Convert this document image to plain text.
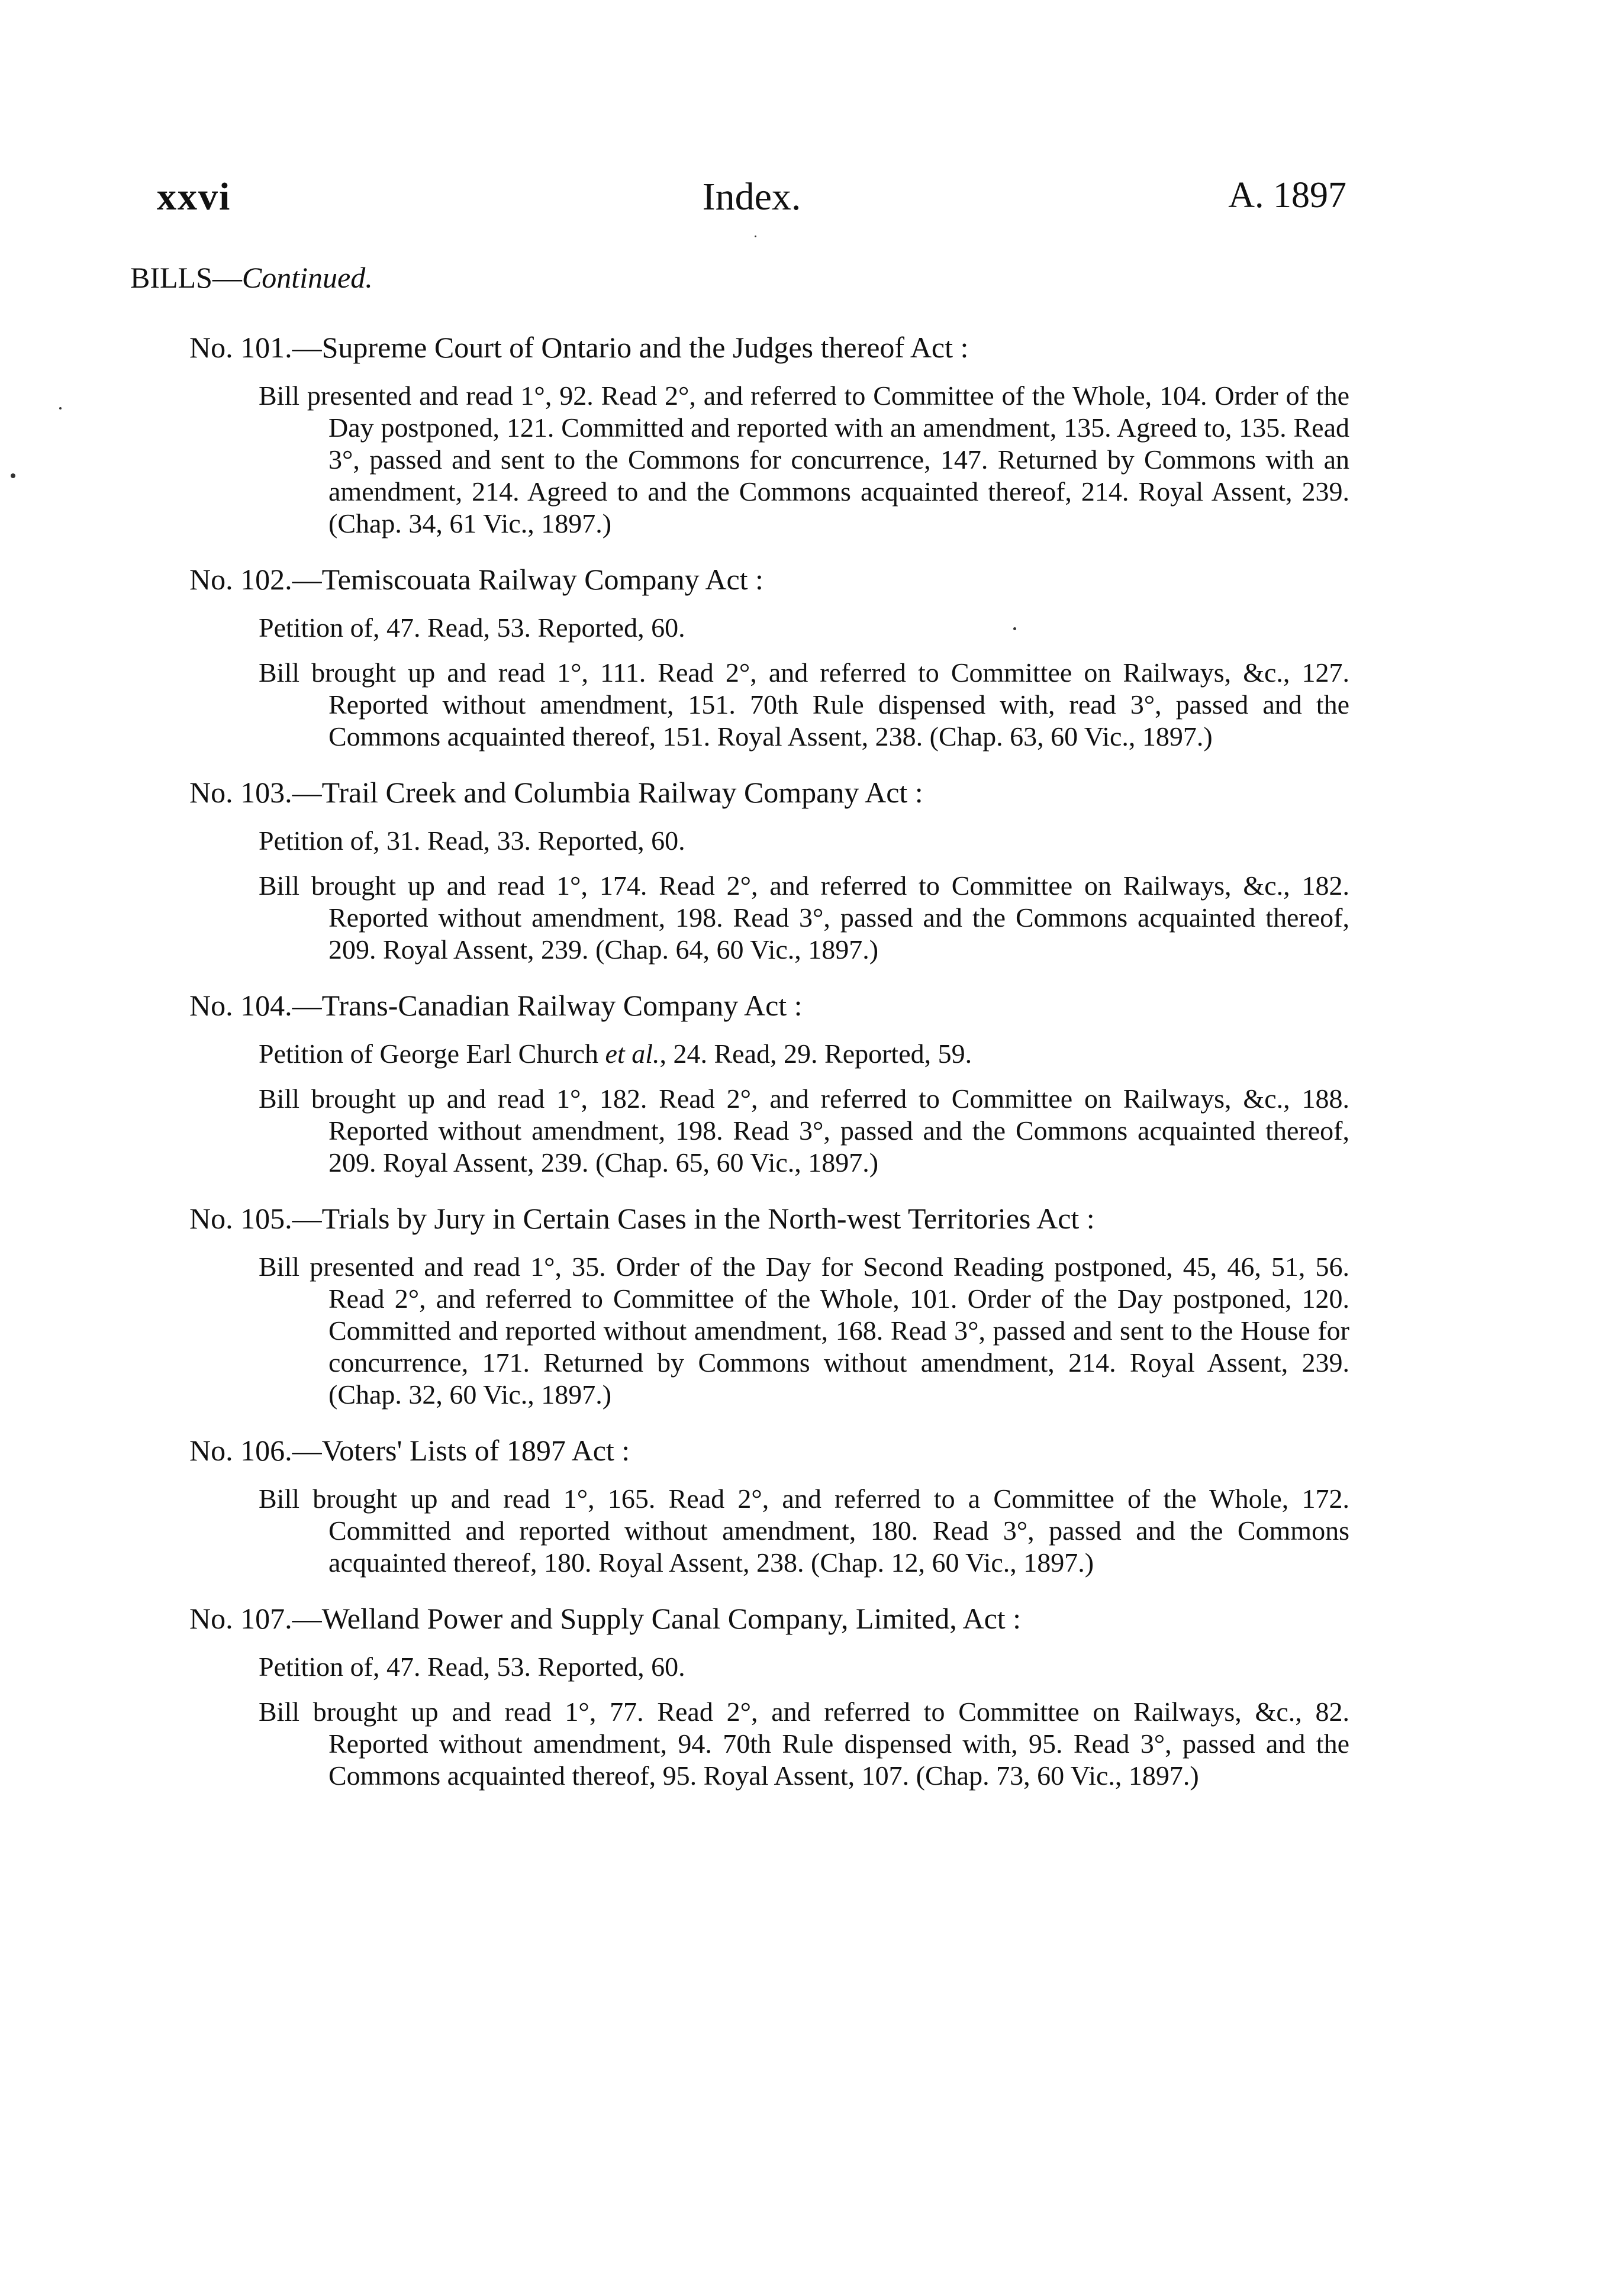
Index.
xxvi	A. 1897
BILLS—Continued.
No. 101.—Supreme Court of Ontario and the Judges thereof Act :
Bill presented and read 1°, 92. Read 2°, and referred to Committee of the Whole, 104. Order of the Day postponed, 121. Committed and reported with an amendment, 135. Agreed to, 135. Read 3°, passed and sent to the Commons for concurrence, 147. Returned by Commons with an amendment, 214. Agreed to and the Commons acquainted thereof, 214. Royal Assent, 239. (Chap. 34, 61 Vic., 1897.)
No. 102.—Temiscouata Railway Company Act :
Petition of, 47. Read, 53. Reported, 60.
Bill brought up and read 1°, 111. Read 2°, and referred to Committee on Railways, &c., 127. Reported without amendment, 151. 70th Rule dispensed with, read 3°, passed and the Commons acquainted thereof, 151. Royal Assent, 238. (Chap. 63, 60 Vic., 1897.)
No. 103.—Trail Creek and Columbia Railway Company Act :
Petition of, 31. Read, 33. Reported, 60.
Bill brought up and read 1°, 174. Read 2°, and referred to Committee on Railways, &c., 182. Reported without amendment, 198. Read 3°, passed and the Commons acquainted thereof, 209. Royal Assent, 239. (Chap. 64, 60 Vic., 1897.)
No. 104.—Trans-Canadian Railway Company Act :
Petition of George Earl Church et al., 24. Read, 29. Reported, 59.
Bill brought up and read 1°, 182. Read 2°, and referred to Committee on Railways, &c., 188. Reported without amendment, 198. Read 3°, passed and the Commons acquainted thereof, 209. Royal Assent, 239. (Chap. 65, 60 Vic., 1897.)
No. 105.—Trials by Jury in Certain Cases in the North-west Territories Act :
Bill presented and read 1°, 35. Order of the Day for Second Reading postponed, 45, 46, 51, 56. Read 2°, and referred to Committee of the Whole, 101. Order of the Day postponed, 120. Committed and reported without amendment, 168. Read 3°, passed and sent to the House for concurrence, 171. Returned by Commons without amendment, 214. Royal Assent, 239. (Chap. 32, 60 Vic., 1897.)
No. 106.—Voters' Lists of 1897 Act :
Bill brought up and read 1°, 165. Read 2°, and referred to a Committee of the Whole, 172. Committed and reported without amendment, 180. Read 3°, passed and the Commons acquainted thereof, 180. Royal Assent, 238. (Chap. 12, 60 Vic., 1897.)
No. 107.—Welland Power and Supply Canal Company, Limited, Act :
Petition of, 47. Read, 53. Reported, 60.
Bill brought up and read 1°, 77. Read 2°, and referred to Committee on Railways, &c., 82. Reported without amendment, 94. 70th Rule dispensed with, 95. Read 3°, passed and the Commons acquainted thereof, 95. Royal Assent, 107. (Chap. 73, 60 Vic., 1897.)
